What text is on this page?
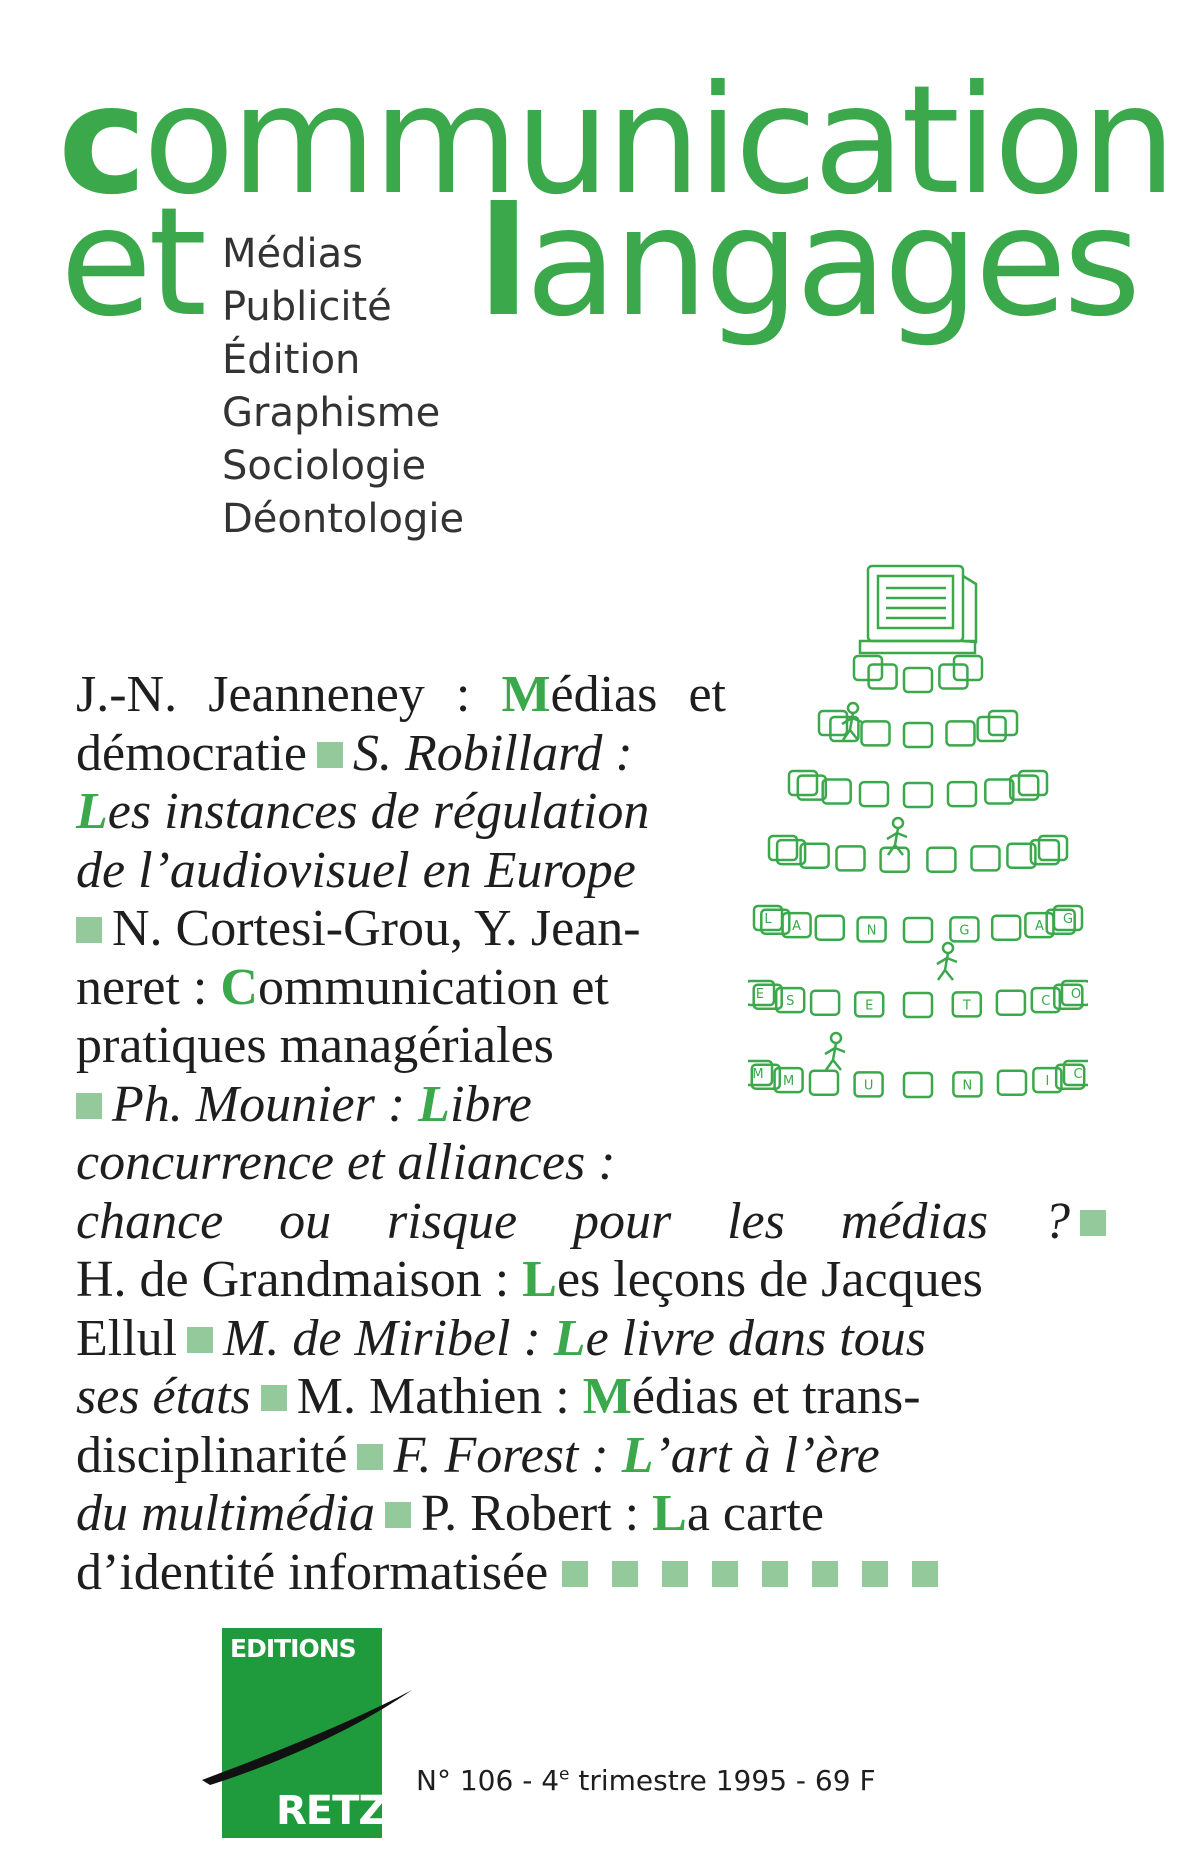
communication
et langages
Médias
Publicité
Édition
Graphisme
Sociologie
Déontologie
L A	N	G	A G
E S	E	T	C O
M M	U	N	I C
J.-N. Jeanneney : Médias et
démocratie S. Robillard :
Les instances de régulation
de l’audiovisuel en Europe
N. Cortesi-Grou, Y. Jean-
neret : Communication et
pratiques managériales
Ph. Mounier : Libre
concurrence et alliances :
chance ou risque pour les médias ?
H. de Grandmaison : Les leçons de Jacques
Ellul M. de Miribel : Le livre dans tous
ses états M. Mathien : Médias et trans-
disciplinarité F. Forest : L’art à l’ère
du multimédia P. Robert : La carte
d’identité informatisée
EDITIONS
RETZ
N° 106 - 4e trimestre 1995 - 69 F
